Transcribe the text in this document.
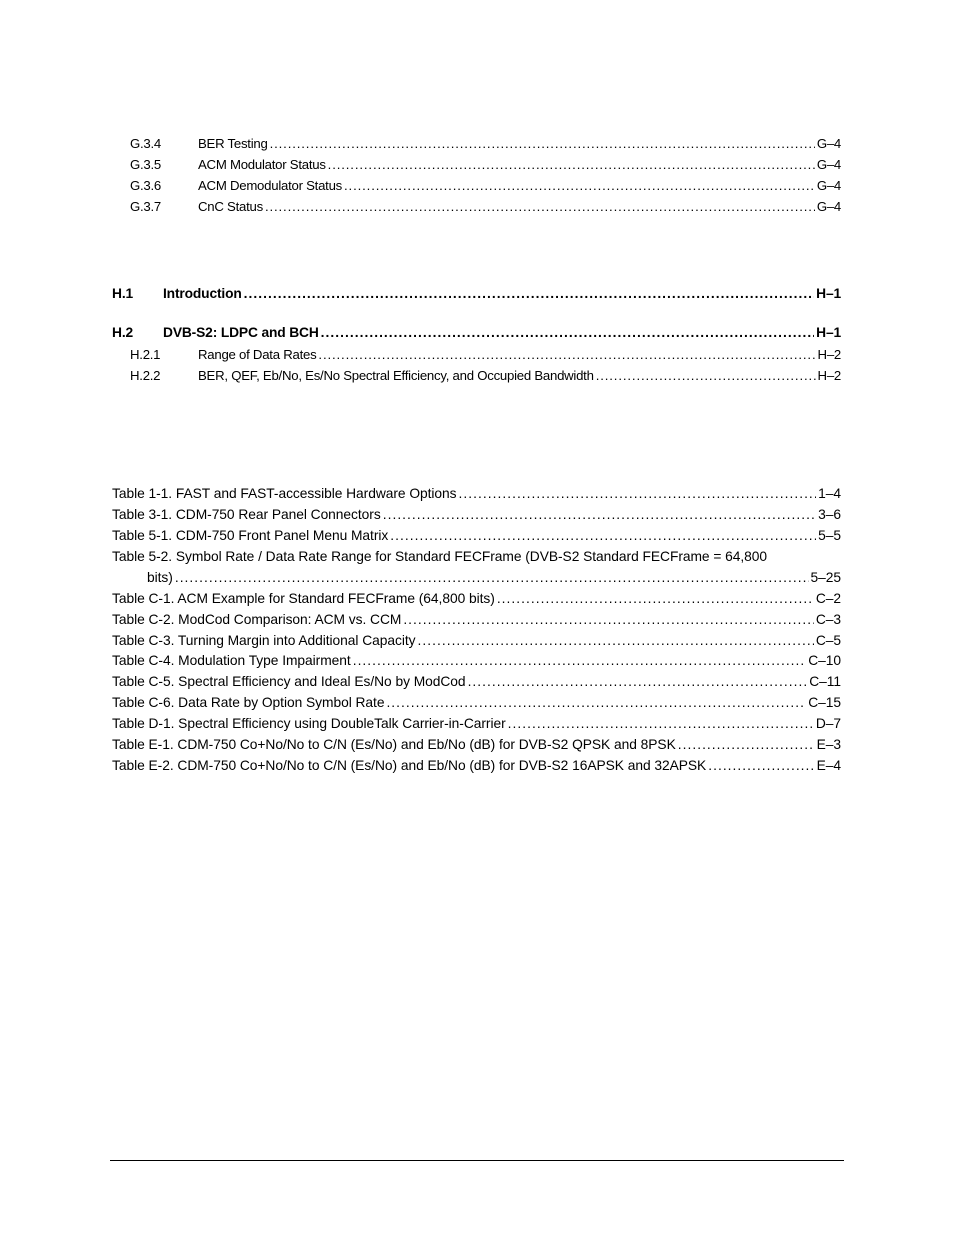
G.3.4	BER Testing . . .	G–4
G.3.5	ACM Modulator Status . . .	G–4
G.3.6	ACM Demodulator Status . . .	G–4
G.3.7	CnC Status . . .	G–4
H.1	Introduction . . .	H–1
H.2	DVB-S2: LDPC and BCH . . .	H–1
H.2.1	Range of Data Rates . . .	H–2
H.2.2	BER, QEF, Eb/No, Es/No Spectral Efficiency, and Occupied Bandwidth . . .	H–2
Table 1-1. FAST and FAST-accessible Hardware Options . . .	1–4
Table 3-1. CDM-750 Rear Panel Connectors . . .	3–6
Table 5-1. CDM-750 Front Panel Menu Matrix . . .	5–5
Table 5-2. Symbol Rate / Data Rate Range for Standard FECFrame (DVB-S2 Standard FECFrame = 64,800
bits) . . .	5–25
Table C-1. ACM Example for Standard FECFrame (64,800 bits) . . .	C–2
Table C-2. ModCod Comparison: ACM vs. CCM . . .	C–3
Table C-3. Turning Margin into Additional Capacity . . .	C–5
Table C-4. Modulation Type Impairment . . .	C–10
Table C-5. Spectral Efficiency and Ideal Es/No by ModCod . . .	C–11
Table C-6. Data Rate by Option Symbol Rate . . .	C–15
Table D-1. Spectral Efficiency using DoubleTalk Carrier-in-Carrier . . .	D–7
Table E-1. CDM-750 Co+No/No to C/N (Es/No) and Eb/No (dB) for DVB-S2 QPSK and 8PSK . . .	E–3
Table E-2. CDM-750 Co+No/No to C/N (Es/No) and Eb/No (dB) for DVB-S2 16APSK and 32APSK . . .	E–4
